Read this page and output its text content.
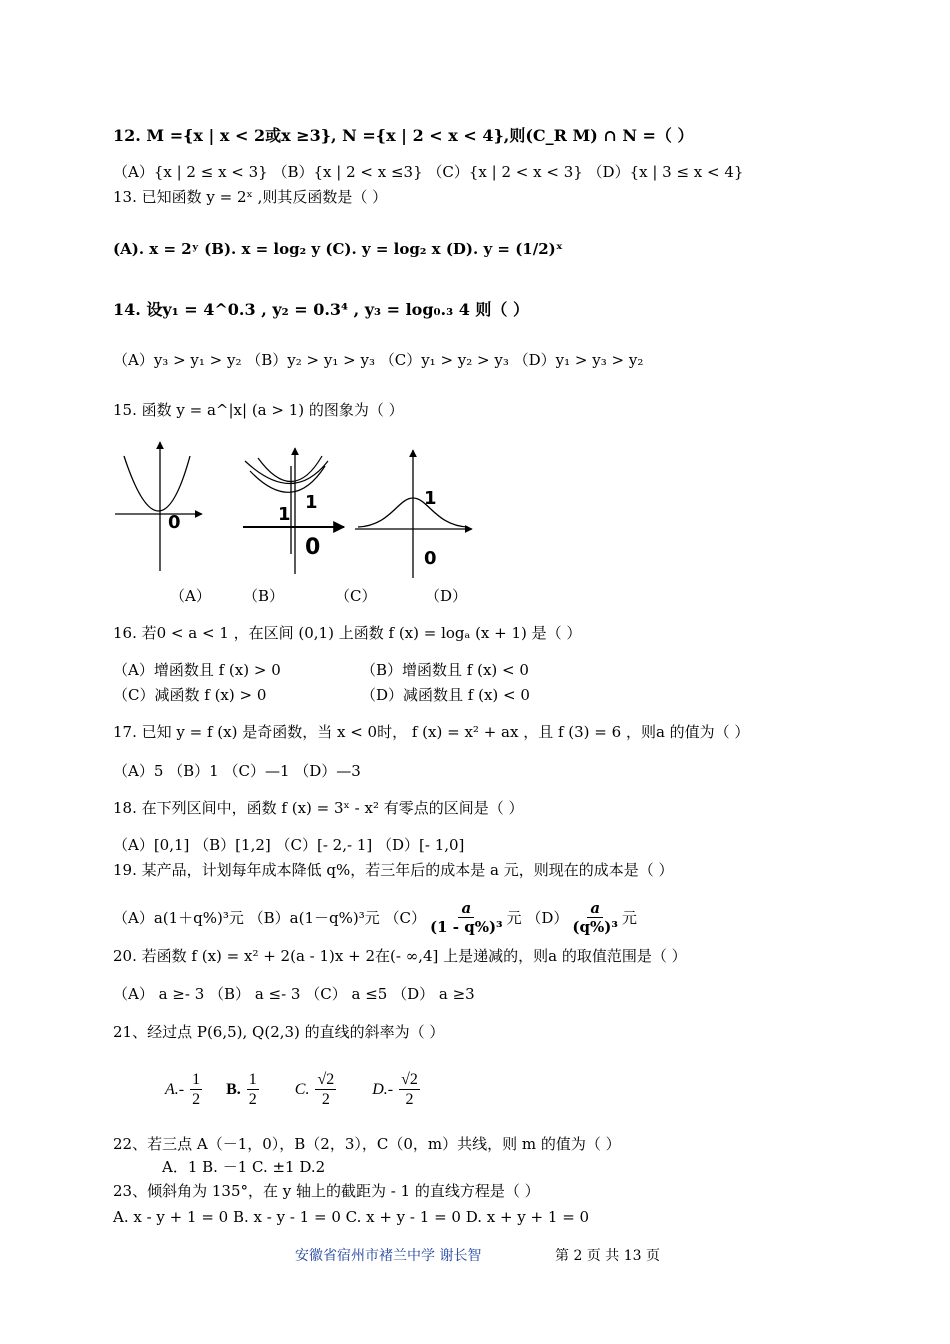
12. M ={x | x < 2或x ≥3}, N ={x | 2 < x < 4},则(C_R M) ∩ N =（ ）
（A）{x | 2 ≤ x < 3} （B）{x | 2 < x ≤3} （C）{x | 2 < x < 3} （D）{x | 3 ≤ x < 4}
13. 已知函数 y = 2ˣ ,则其反函数是（ ）
(A). x = 2ʸ (B). x = log₂ y (C). y = log₂ x (D). y = (1/2)ˣ
14. 设y₁ = 4^0.3 , y₂ = 0.3⁴ , y₃ = log₀.₃ 4 则（ ）
（A）y₃ > y₁ > y₂ （B）y₂ > y₁ > y₃ （C）y₁ > y₂ > y₃ （D）y₁ > y₃ > y₂
15. 函数 y = a^|x| (a > 1) 的图象为（ ）
0
1
1
0
1
0
（A） （B）	（C）	（D）
16. 若0 < a < 1 ，在区间 (0,1) 上函数 f (x) = logₐ (x + 1) 是（ ）
（A）增函数且 f (x) > 0	（B）增函数且 f (x) < 0
（C）减函数 f (x) > 0	（D）减函数且 f (x) < 0
17. 已知 y = f (x) 是奇函数，当 x < 0时， f (x) = x² + ax ，且 f (3) = 6 ，则a 的值为（ ）
（A）5 （B）1 （C）—1 （D）—3
18. 在下列区间中，函数 f (x) = 3ˣ - x² 有零点的区间是（ ）
（A）[0,1] （B）[1,2] （C）[- 2,- 1] （D）[- 1,0]
19. 某产品，计划每年成本降低 q%，若三年后的成本是 a 元，则现在的成本是（ ）
（A）a(1＋q%)³元 （B）a(1－q%)³元 $(C) \frac{a}{\text{(1 - q\%)³}}$ 元 $(D) \frac{a}{\text{(q\%)³}}$ 元
20. 若函数 f (x) = x² + 2(a - 1)x + 2在(- ∞,4] 上是递减的，则a 的取值范围是（ ）
（A） a ≥- 3 （B） a ≤- 3 （C） a ≤5 （D） a ≥3
21、经过点 P(6,5), Q(2,3) 的直线的斜率为（ ）
$A.- \frac{1}{2} B$. $\frac{1}{2} C$. $\frac{√2}{2} D.- \frac{√2}{2}$
22、若三点 A（－1，0），B（2，3），C（0，m）共线，则 m 的值为（ ）
A．1 B. －1 C. ±1 D.2
23、倾斜角为 135°，在 y 轴上的截距为 - 1 的直线方程是（ ）
A. x - y + 1 = 0 B. x - y - 1 = 0 C. x + y - 1 = 0 D. x + y + 1 = 0
安徽省宿州市褚兰中学 谢长智	第 2 页 共 13 页
